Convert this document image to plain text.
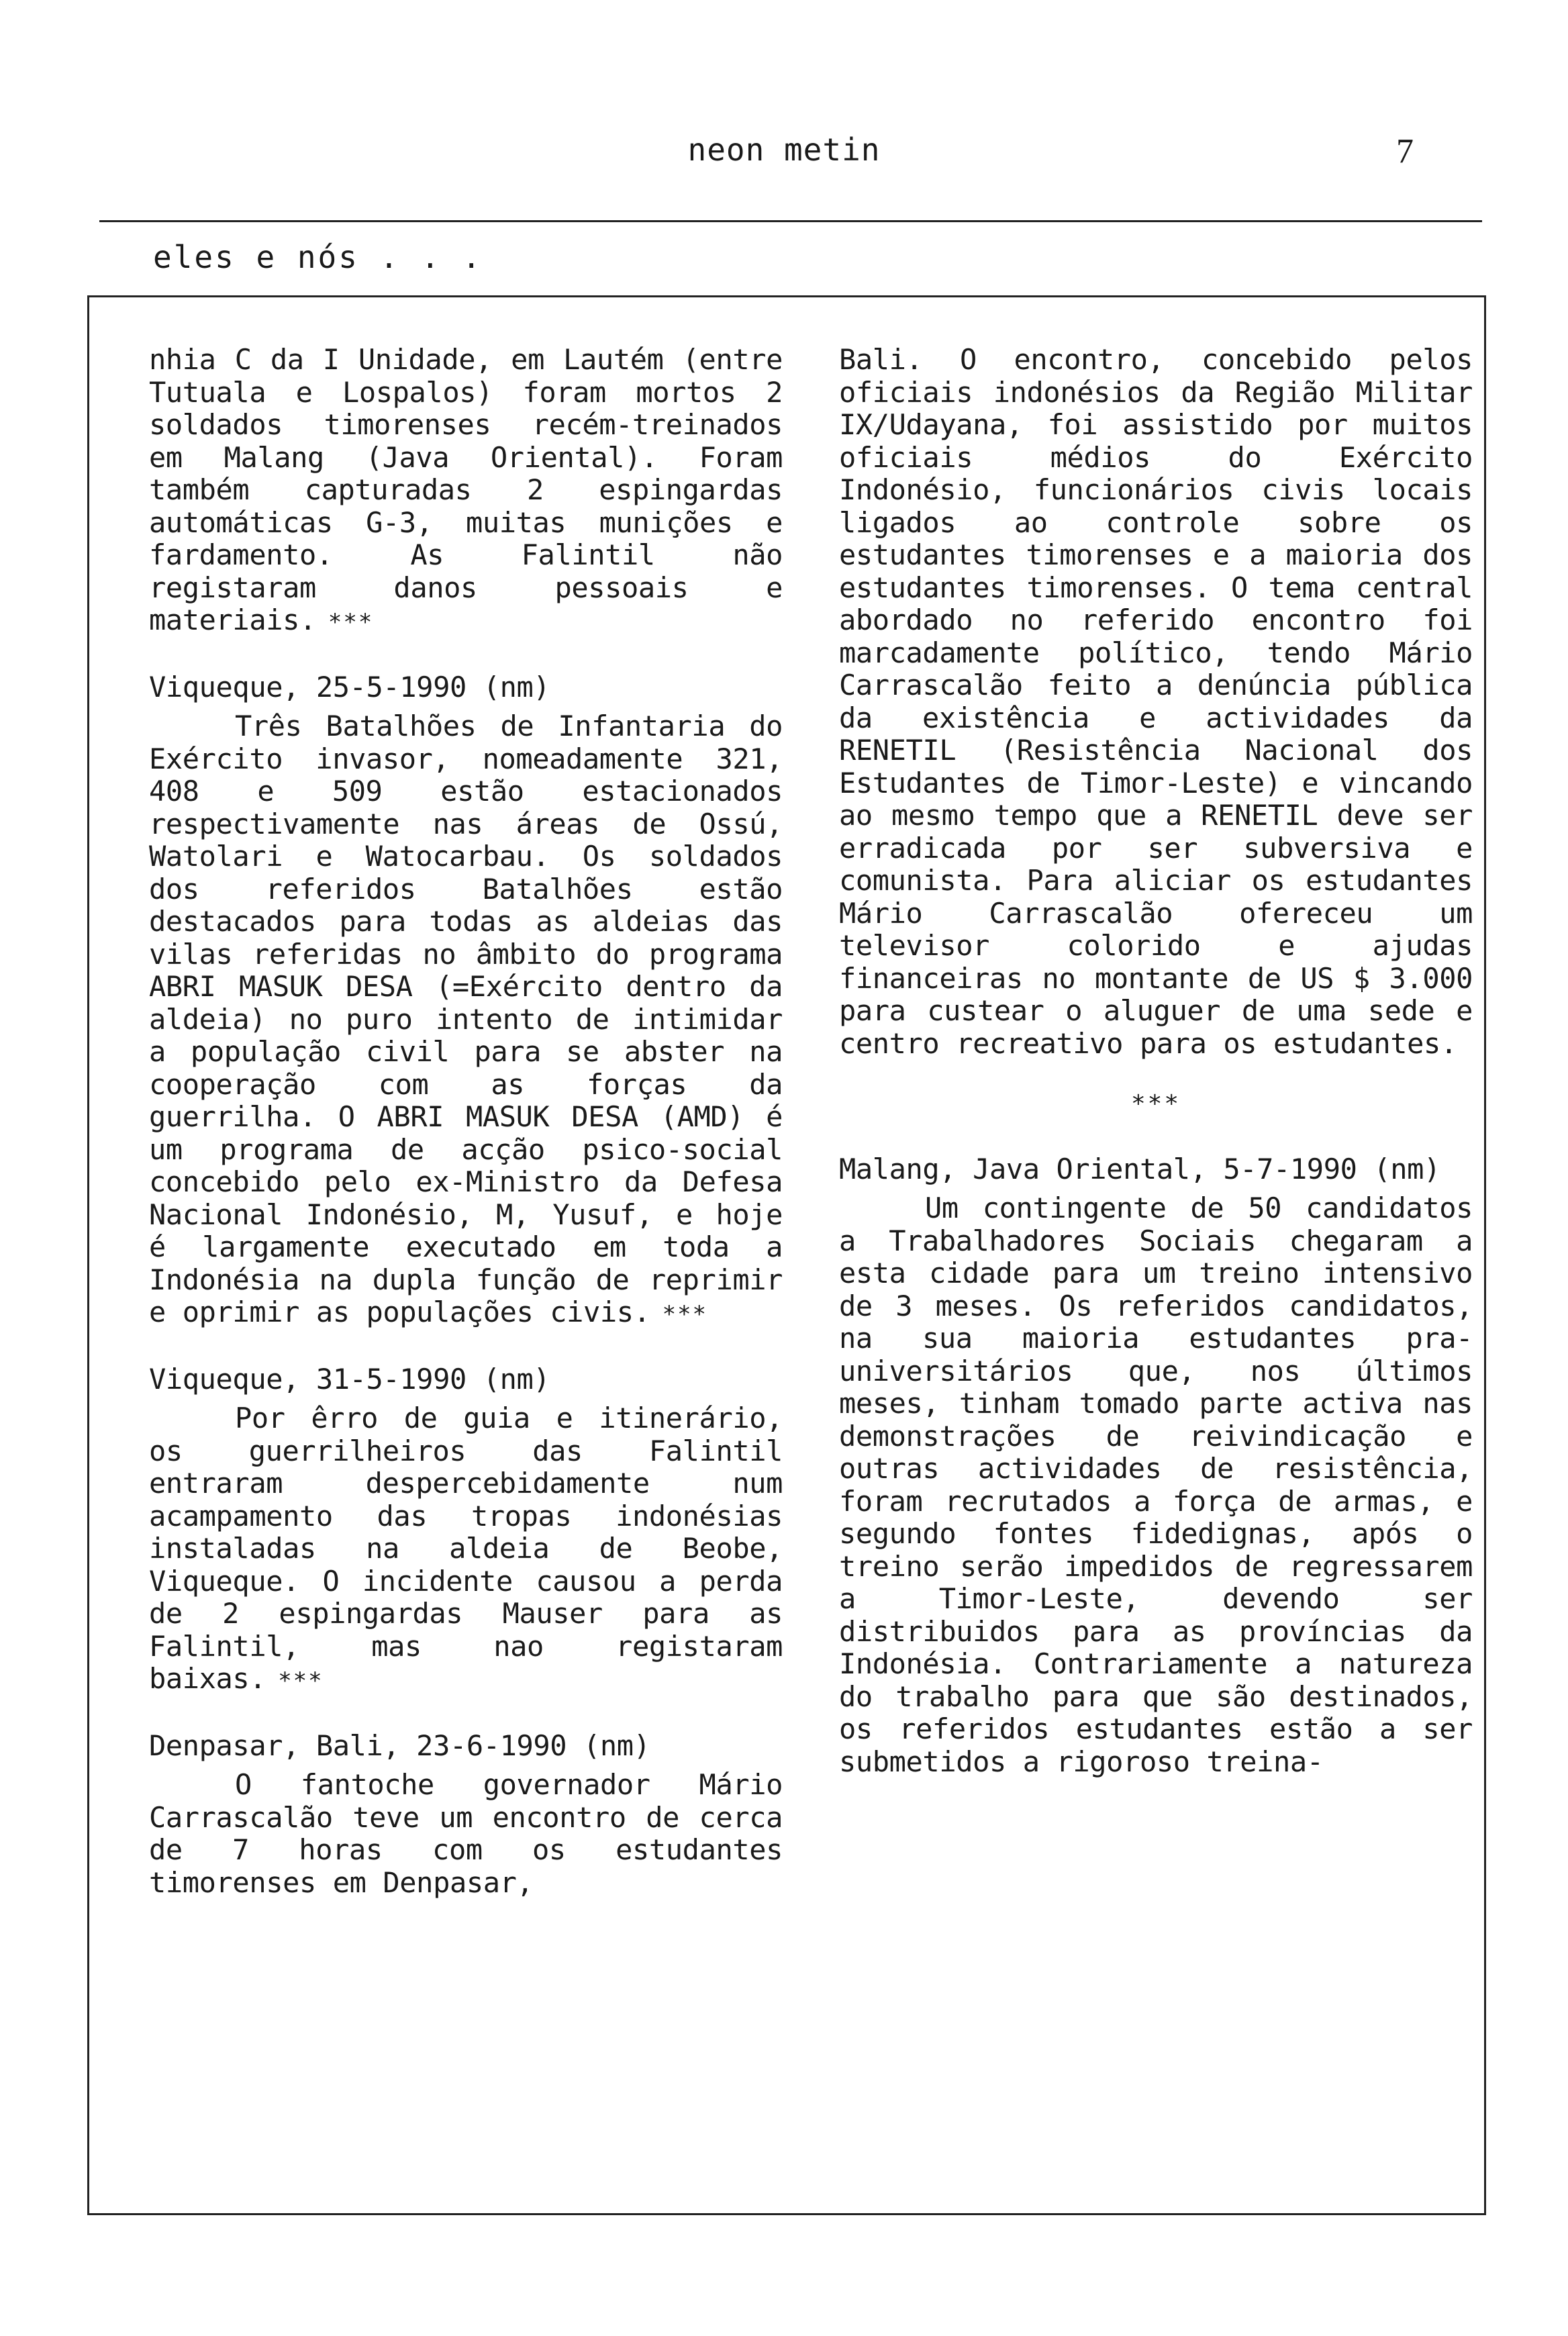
neon metin	7
eles e nós . . .

nhia C da I Unidade, em Lautém (entre Tutuala e Lospalos) foram mortos 2 soldados timorenses recém-treinados em Malang (Java Oriental). Foram também capturadas 2 espingardas automáticas G-3, muitas munições e fardamento. As Falintil não registaram danos pessoais e materiais. ***

Viqueque, 25-5-1990 (nm)

Três Batalhões de Infantaria do Exército invasor, nomeadamente 321, 408 e 509 estão estacionados respectivamente nas áreas de Ossú, Watolari e Watocarbau. Os soldados dos referidos Batalhões estão destacados para todas as aldeias das vilas referidas no âmbito do programa ABRI MASUK DESA (=Exército dentro da aldeia) no puro intento de intimidar a população civil para se abster na cooperação com as forças da guerrilha. O ABRI MASUK DESA (AMD) é um programa de acção psico-social concebido pelo ex-Ministro da Defesa Nacional Indonésio, M, Yusuf, e hoje é largamente executado em toda a Indonésia na dupla função de reprimir e oprimir as populações civis. ***

Viqueque, 31-5-1990 (nm)

Por êrro de guia e itinerário, os guerrilheiros das Falintil entraram despercebidamente num acampamento das tropas indonésias instaladas na aldeia de Beobe, Viqueque. O incidente causou a perda de 2 espingardas Mauser para as Falintil, mas nao registaram baixas. ***

Denpasar, Bali, 23-6-1990 (nm)

O fantoche governador Mário Carrascalão teve um encontro de cerca de 7 horas com os estudantes timorenses em Denpasar,

Bali. O encontro, concebido pelos oficiais indonésios da Região Militar IX/Udayana, foi assistido por muitos oficiais médios do Exército Indonésio, funcionários civis locais ligados ao controle sobre os estudantes timorenses e a maioria dos estudantes timorenses. O tema central abordado no referido encontro foi marcadamente político, tendo Mário Carrascalão feito a denúncia pública da existência e actividades da RENETIL (Resistência Nacional dos Estudantes de Timor-Leste) e vincando ao mesmo tempo que a RENETIL deve ser erradicada por ser subversiva e comunista. Para aliciar os estudantes Mário Carrascalão ofereceu um televisor colorido e ajudas financeiras no montante de US $ 3.000 para custear o aluguer de uma sede e centro recreativo para os estudantes.

***

Malang, Java Oriental, 5-7-1990 (nm)

Um contingente de 50 candidatos a Trabalhadores Sociais chegaram a esta cidade para um treino intensivo de 3 meses. Os referidos candidatos, na sua maioria estudantes pra-universitários que, nos últimos meses, tinham tomado parte activa nas demonstrações de reivindicação e outras actividades de resistência, foram recrutados a força de armas, e segundo fontes fidedignas, após o treino serão impedidos de regressarem a Timor-Leste, devendo ser distribuidos para as províncias da Indonésia. Contrariamente a natureza do trabalho para que são destinados, os referidos estudantes estão a ser submetidos a rigoroso treina-
